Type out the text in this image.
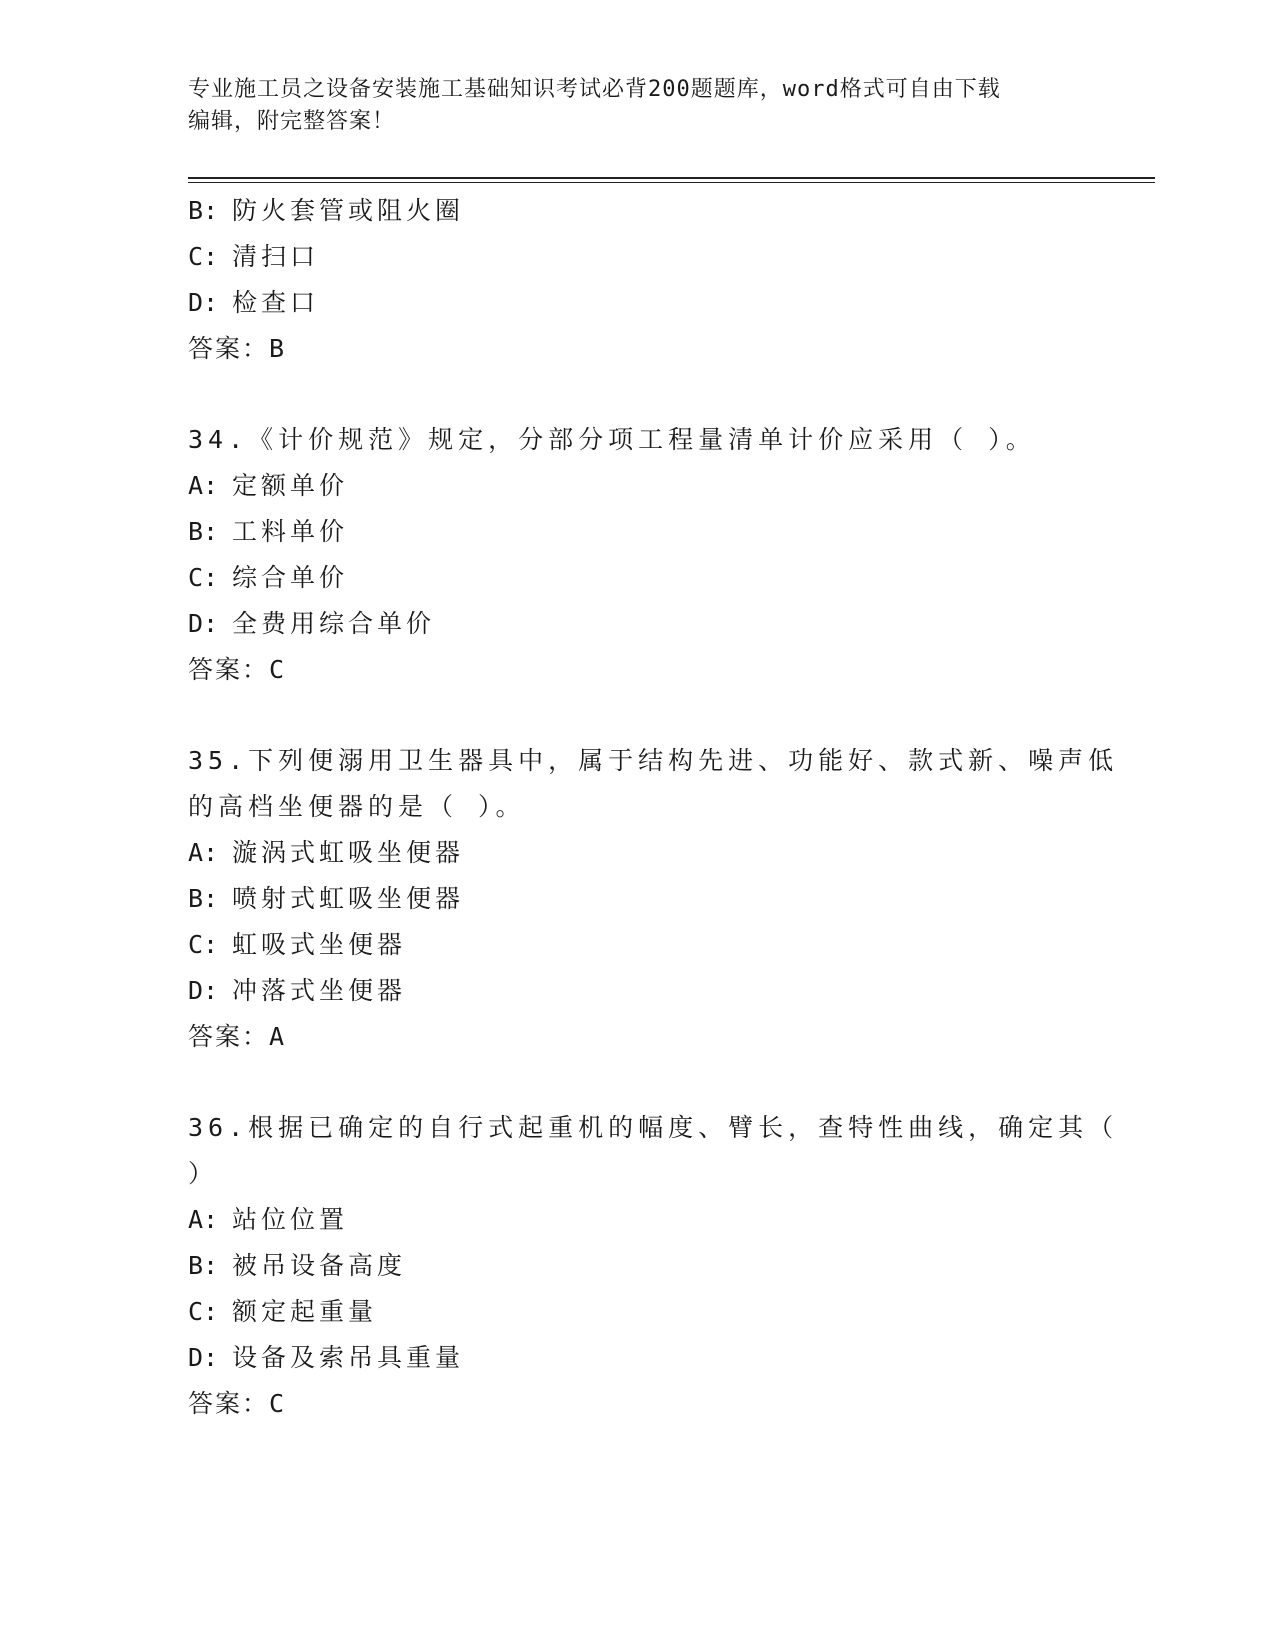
专业施工员之设备安装施工基础知识考试必背200题题库，word格式可自由下载
编辑，附完整答案！
B: 防火套管或阻火圈
C: 清扫口
D: 检查口
答案：B
34.《计价规范》规定，分部分项工程量清单计价应采用（ ）。
A: 定额单价
B: 工料单价
C: 综合单价
D: 全费用综合单价
答案：C
35.下列便溺用卫生器具中，属于结构先进、功能好、款式新、噪声低
的高档坐便器的是（ ）。
A: 漩涡式虹吸坐便器
B: 喷射式虹吸坐便器
C: 虹吸式坐便器
D: 冲落式坐便器
答案：A
36.根据已确定的自行式起重机的幅度、臂长，查特性曲线，确定其（
）
A: 站位位置
B: 被吊设备高度
C: 额定起重量
D: 设备及索吊具重量
答案：C
